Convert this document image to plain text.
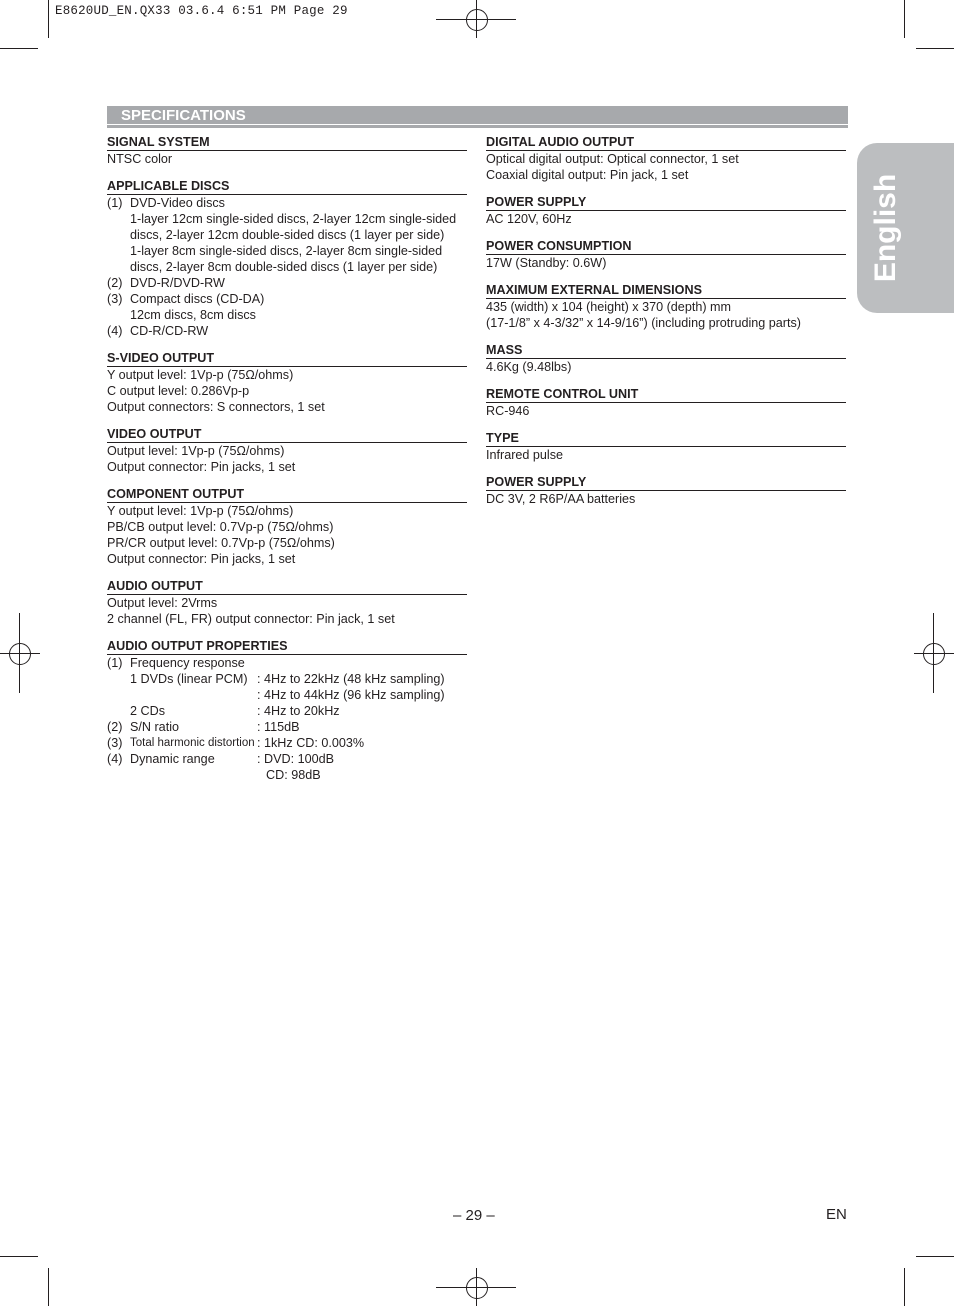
E8620UD_EN.QX33 03.6.4 6:51 PM Page 29
SPECIFICATIONS
English
SIGNAL SYSTEM
NTSC color
APPLICABLE DISCS
(1) DVD-Video discs
1-layer 12cm single-sided discs, 2-layer 12cm single-sided
discs, 2-layer 12cm double-sided discs (1 layer per side)
1-layer 8cm single-sided discs, 2-layer 8cm single-sided
discs, 2-layer 8cm double-sided discs (1 layer per side)
(2) DVD-R/DVD-RW
(3) Compact discs (CD-DA)
12cm discs, 8cm discs
(4) CD-R/CD-RW
S-VIDEO OUTPUT
Y output level: 1Vp-p (75Ω/ohms)
C output level: 0.286Vp-p
Output connectors: S connectors, 1 set
VIDEO OUTPUT
Output level: 1Vp-p (75Ω/ohms)
Output connector: Pin jacks, 1 set
COMPONENT OUTPUT
Y output level: 1Vp-p (75Ω/ohms)
PB/CB output level: 0.7Vp-p (75Ω/ohms)
PR/CR output level: 0.7Vp-p (75Ω/ohms)
Output connector: Pin jacks, 1 set
AUDIO OUTPUT
Output level: 2Vrms
2 channel (FL, FR) output connector: Pin jack, 1 set
AUDIO OUTPUT PROPERTIES
(1) Frequency response
1 DVDs (linear PCM) : 4Hz to 22kHz (48 kHz sampling)
: 4Hz to 44kHz (96 kHz sampling)
2 CDs	: 4Hz to 20kHz
(2) S/N ratio	: 115dB
(3) Total harmonic distortion : 1kHz CD: 0.003%
(4) Dynamic range	: DVD: 100dB
CD: 98dB
DIGITAL AUDIO OUTPUT
Optical digital output: Optical connector, 1 set
Coaxial digital output: Pin jack, 1 set
POWER SUPPLY
AC 120V, 60Hz
POWER CONSUMPTION
17W (Standby: 0.6W)
MAXIMUM EXTERNAL DIMENSIONS
435 (width) x 104 (height) x 370 (depth) mm
(17-1/8” x 4-3/32” x 14-9/16”) (including protruding parts)
MASS
4.6Kg (9.48lbs)
REMOTE CONTROL UNIT
RC-946
TYPE
Infrared pulse
POWER SUPPLY
DC 3V, 2 R6P/AA batteries
– 29 –	EN
